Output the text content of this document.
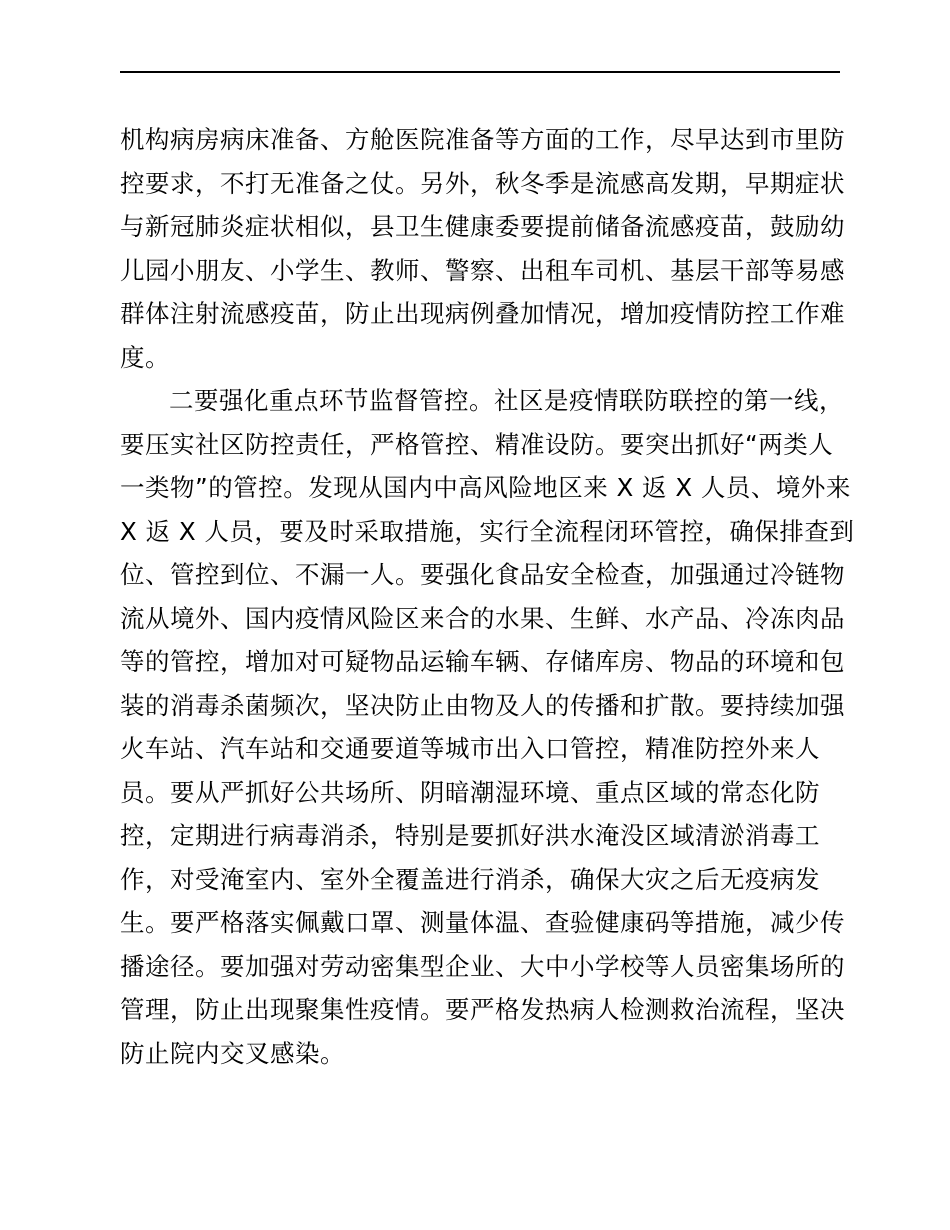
机构病房病床准备、方舱医院准备等方面的工作，尽早达到市里防
控要求，不打无准备之仗。另外，秋冬季是流感高发期，早期症状
与新冠肺炎症状相似，县卫生健康委要提前储备流感疫苗，鼓励幼
儿园小朋友、小学生、教师、警察、出租车司机、基层干部等易感
群体注射流感疫苗，防止出现病例叠加情况，增加疫情防控工作难
度。
二要强化重点环节监督管控。社区是疫情联防联控的第一线，
要压实社区防控责任，严格管控、精准设防。要突出抓好“两类人
一类物”的管控。发现从国内中高风险地区来 X 返 X 人员、境外来
X 返 X 人员，要及时采取措施，实行全流程闭环管控，确保排查到
位、管控到位、不漏一人。要强化食品安全检查，加强通过冷链物
流从境外、国内疫情风险区来合的水果、生鲜、水产品、冷冻肉品
等的管控，增加对可疑物品运输车辆、存储库房、物品的环境和包
装的消毒杀菌频次，坚决防止由物及人的传播和扩散。要持续加强
火车站、汽车站和交通要道等城市出入口管控，精准防控外来人
员。要从严抓好公共场所、阴暗潮湿环境、重点区域的常态化防
控，定期进行病毒消杀，特别是要抓好洪水淹没区域清淤消毒工
作，对受淹室内、室外全覆盖进行消杀，确保大灾之后无疫病发
生。要严格落实佩戴口罩、测量体温、查验健康码等措施，减少传
播途径。要加强对劳动密集型企业、大中小学校等人员密集场所的
管理，防止出现聚集性疫情。要严格发热病人检测救治流程，坚决
防止院内交叉感染。
